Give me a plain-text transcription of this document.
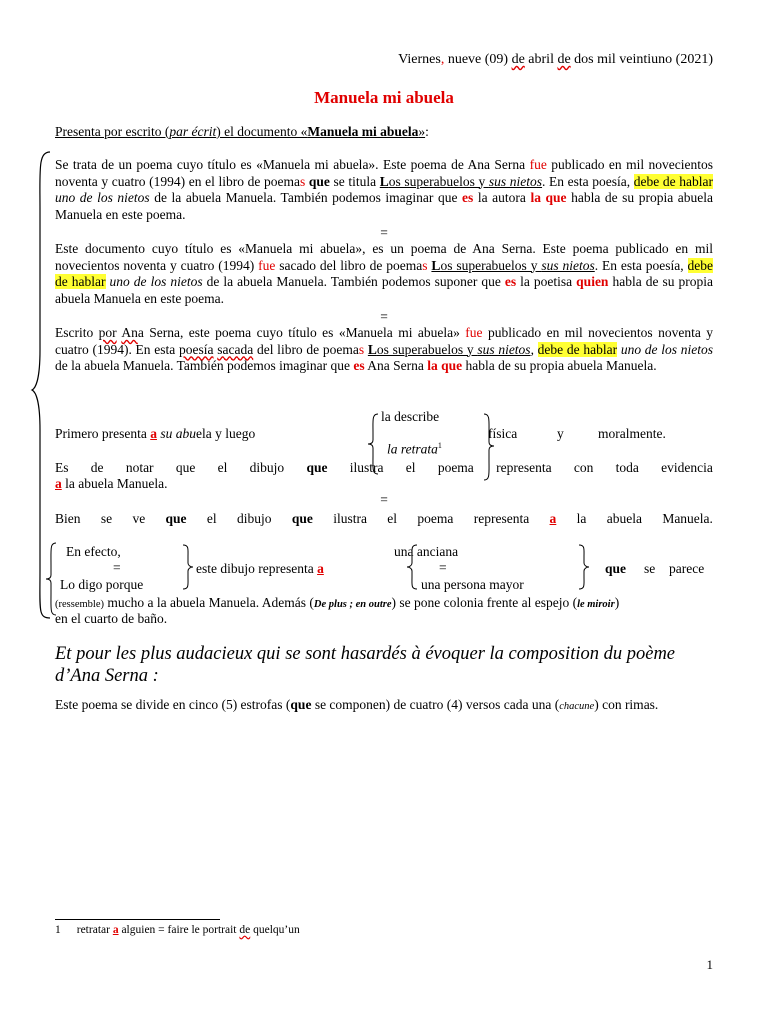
Viernes, nueve (09) de abril de dos mil veintiuno (2021)
Manuela mi abuela
Presenta por escrito (par écrit) el documento «Manuela mi abuela»:
Se trata de un poema cuyo título es «Manuela mi abuela». Este poema de Ana Serna fue publicado en mil novecientos noventa y cuatro (1994) en el libro de poemas que se titula Los superabuelos y sus nietos. En esta poesía, debe de hablar uno de los nietos de la abuela Manuela. También podemos imaginar que es la autora la que habla de su propia abuela Manuela en este poema.
=
Este documento cuyo título es «Manuela mi abuela», es un poema de Ana Serna. Este poema publicado en mil novecientos noventa y cuatro (1994) fue sacado del libro de poemas Los superabuelos y sus nietos. En esta poesía, debe de hablar uno de los nietos de la abuela Manuela. También podemos suponer que es la poetisa quien habla de su propia abuela Manuela en este poema.
=
Escrito por Ana Serna, este poema cuyo título es «Manuela mi abuela» fue publicado en mil novecientos noventa y cuatro (1994). En esta poesía sacada del libro de poemas Los superabuelos y sus nietos, debe de hablar uno de los nietos de la abuela Manuela. También podemos imaginar que es Ana Serna la que habla de su propia abuela Manuela.
la describe
la retrata$^1$
Primero presenta a su abuela y luego	física	y	moralmente.
Es de notar que el dibujo que ilustra el poema representa con toda evidencia
a la abuela Manuela.
=
Bien se ve que el dibujo que ilustra el poema representa a la abuela Manuela.
En efecto,
=
Lo digo porque
este dibujo representa a
una anciana
=
una persona mayor
que se parece
(ressemble) mucho a la abuela Manuela. Además (De plus ; en outre) se pone colonia frente al espejo (le miroir)
en el cuarto de baño.
Et pour les plus audacieux qui se sont hasardés à évoquer la composition du poème d’Ana Serna :
Este poema se divide en cinco (5) estrofas (que se componen) de cuatro (4) versos cada una (chacune) con rimas.
1 retratar a alguien = faire le portrait de quelqu’un
1
